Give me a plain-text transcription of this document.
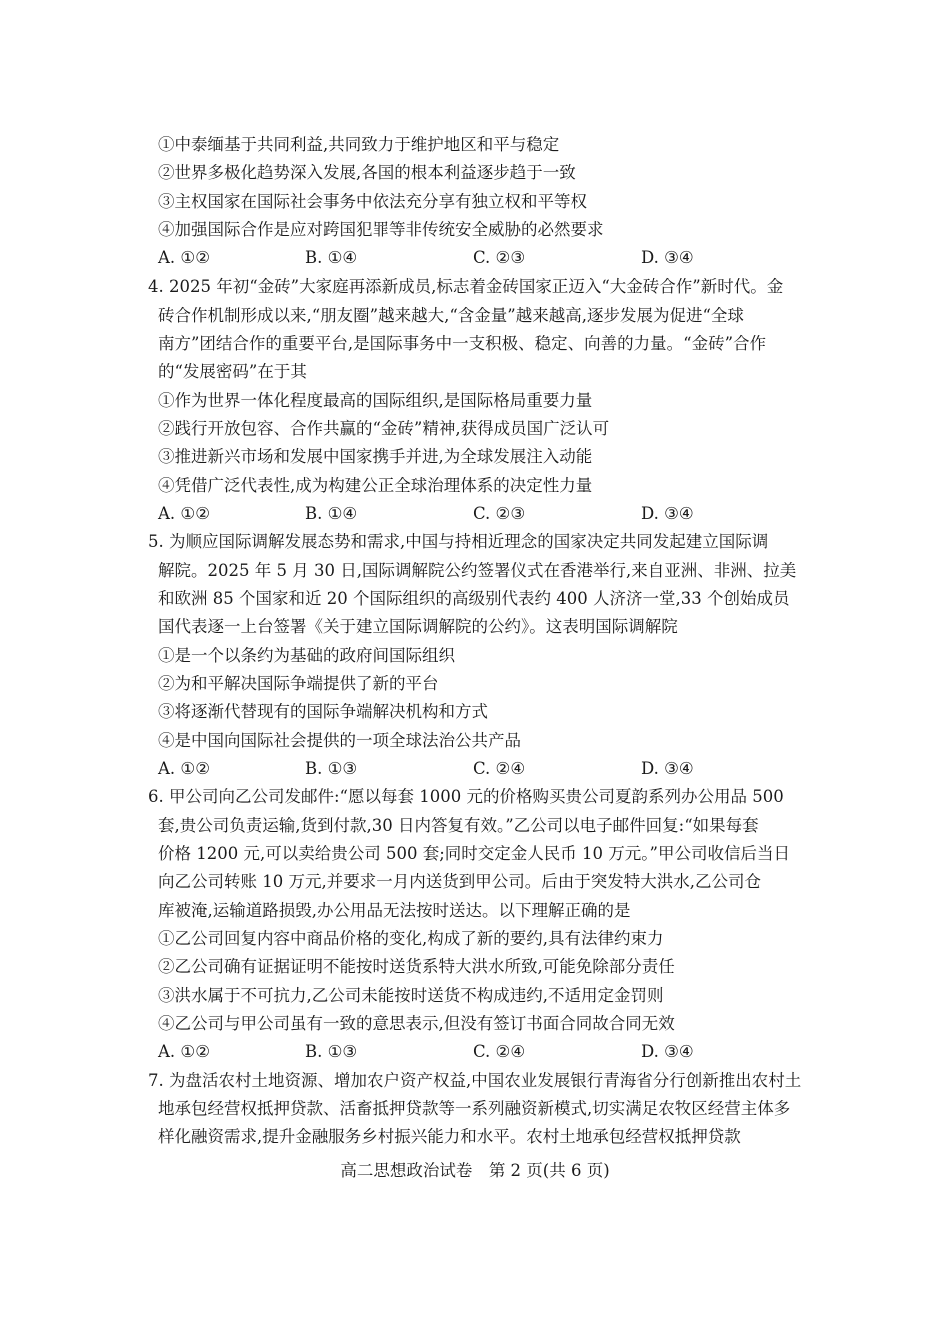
①中泰缅基于共同利益,共同致力于维护地区和平与稳定
②世界多极化趋势深入发展,各国的根本利益逐步趋于一致
③主权国家在国际社会事务中依法充分享有独立权和平等权
④加强国际合作是应对跨国犯罪等非传统安全威胁的必然要求
A. ①②	B. ①④	C. ②③	D. ③④
4. 2025 年初“金砖”大家庭再添新成员,标志着金砖国家正迈入“大金砖合作”新时代。金
砖合作机制形成以来,“朋友圈”越来越大,“含金量”越来越高,逐步发展为促进“全球
南方”团结合作的重要平台,是国际事务中一支积极、稳定、向善的力量。“金砖”合作
的“发展密码”在于其
①作为世界一体化程度最高的国际组织,是国际格局重要力量
②践行开放包容、合作共赢的“金砖”精神,获得成员国广泛认可
③推进新兴市场和发展中国家携手并进,为全球发展注入动能
④凭借广泛代表性,成为构建公正全球治理体系的决定性力量
A. ①②	B. ①④	C. ②③	D. ③④
5. 为顺应国际调解发展态势和需求,中国与持相近理念的国家决定共同发起建立国际调
解院。2025 年 5 月 30 日,国际调解院公约签署仪式在香港举行,来自亚洲、非洲、拉美
和欧洲 85 个国家和近 20 个国际组织的高级别代表约 400 人济济一堂,33 个创始成员
国代表逐一上台签署《关于建立国际调解院的公约》。这表明国际调解院
①是一个以条约为基础的政府间国际组织
②为和平解决国际争端提供了新的平台
③将逐渐代替现有的国际争端解决机构和方式
④是中国向国际社会提供的一项全球法治公共产品
A. ①②	B. ①③	C. ②④	D. ③④
6. 甲公司向乙公司发邮件:“愿以每套 1000 元的价格购买贵公司夏韵系列办公用品 500
套,贵公司负责运输,货到付款,30 日内答复有效。”乙公司以电子邮件回复:“如果每套
价格 1200 元,可以卖给贵公司 500 套;同时交定金人民币 10 万元。”甲公司收信后当日
向乙公司转账 10 万元,并要求一月内送货到甲公司。后由于突发特大洪水,乙公司仓
库被淹,运输道路损毁,办公用品无法按时送达。以下理解正确的是
①乙公司回复内容中商品价格的变化,构成了新的要约,具有法律约束力
②乙公司确有证据证明不能按时送货系特大洪水所致,可能免除部分责任
③洪水属于不可抗力,乙公司未能按时送货不构成违约,不适用定金罚则
④乙公司与甲公司虽有一致的意思表示,但没有签订书面合同故合同无效
A. ①②	B. ①③	C. ②④	D. ③④
7. 为盘活农村土地资源、增加农户资产权益,中国农业发展银行青海省分行创新推出农村土
地承包经营权抵押贷款、活畜抵押贷款等一系列融资新模式,切实满足农牧区经营主体多
样化融资需求,提升金融服务乡村振兴能力和水平。农村土地承包经营权抵押贷款
高二思想政治试卷　第 2 页(共 6 页)
